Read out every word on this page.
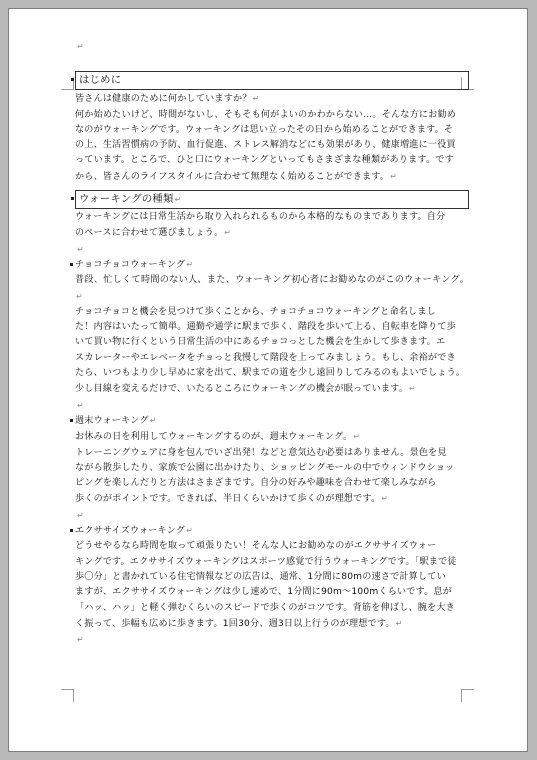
↵
はじめに
皆さんは健康のために何かしていますか？↵
何か始めたいけど、時間がないし、そもそも何がよいのかわからない…。そんな方にお勧め
なのがウォーキングです。ウォーキングは思い立ったその日から始めることができます。そ
の上、生活習慣病の予防、血行促進、ストレス解消などにも効果があり、健康増進に一役買
っています。ところで、ひと口にウォーキングといってもさまざまな種類があります。です
から、皆さんのライフスタイルに合わせて無理なく始めることができます。↵
ウォーキングの種類↵
ウォーキングには日常生活から取り入れられるものから本格的なものまであります。自分
のペースに合わせて選びましょう。↵
↵
チョコチョコウォーキング↵
普段、忙しくて時間のない人、また、ウォーキング初心者にお勧めなのがこのウォーキング。↵
チョコチョコと機会を見つけて歩くことから、チョコチョコウォーキングと命名しまし
た！内容はいたって簡単。通勤や通学に駅まで歩く、階段を歩いて上る、自転車を降りて歩
いて買い物に行くという日常生活の中にあるチョコっとした機会を生かして歩きます。エ
スカレーターやエレベータをチョっと我慢して階段を上ってみましょう。もし、余裕ができ
たら、いつもより少し早めに家を出て、駅までの道を少し遠回りしてみるのもよいでしょう。
少し目線を変えるだけで、いたるところにウォーキングの機会が眠っています。↵
↵
週末ウォーキング↵
お休みの日を利用してウォーキングするのが、週末ウォーキング。↵
トレーニングウェアに身を包んでいざ出発！などと意気込む必要はありません。景色を見
ながら散歩したり、家族で公園に出かけたり、ショッピングモールの中でウィンドウショッ
ピングを楽しんだりと方法はさまざまです。自分の好みや趣味を合わせて楽しみながら
歩くのがポイントです。できれば、半日くらいかけて歩くのが理想です。↵
↵
エクササイズウォーキング↵
どうせやるなら時間を取って頑張りたい！そんな人にお勧めなのがエクササイズウォー
キングです。エクササイズウォーキングはスポーツ感覚で行うウォーキングです。「駅まで徒
歩〇分」と書かれている住宅情報などの広告は、通常、1分間に80mの速さで計算してい
ますが、エクササイズウォーキングは少し速めで、1分間に90m～100mくらいです。息が
「ハッ、ハッ」と軽く弾むくらいのスピードで歩くのがコツです。背筋を伸ばし、腕を大き
く振って、歩幅も広めに歩きます。1回30分、週3日以上行うのが理想です。↵
↵
